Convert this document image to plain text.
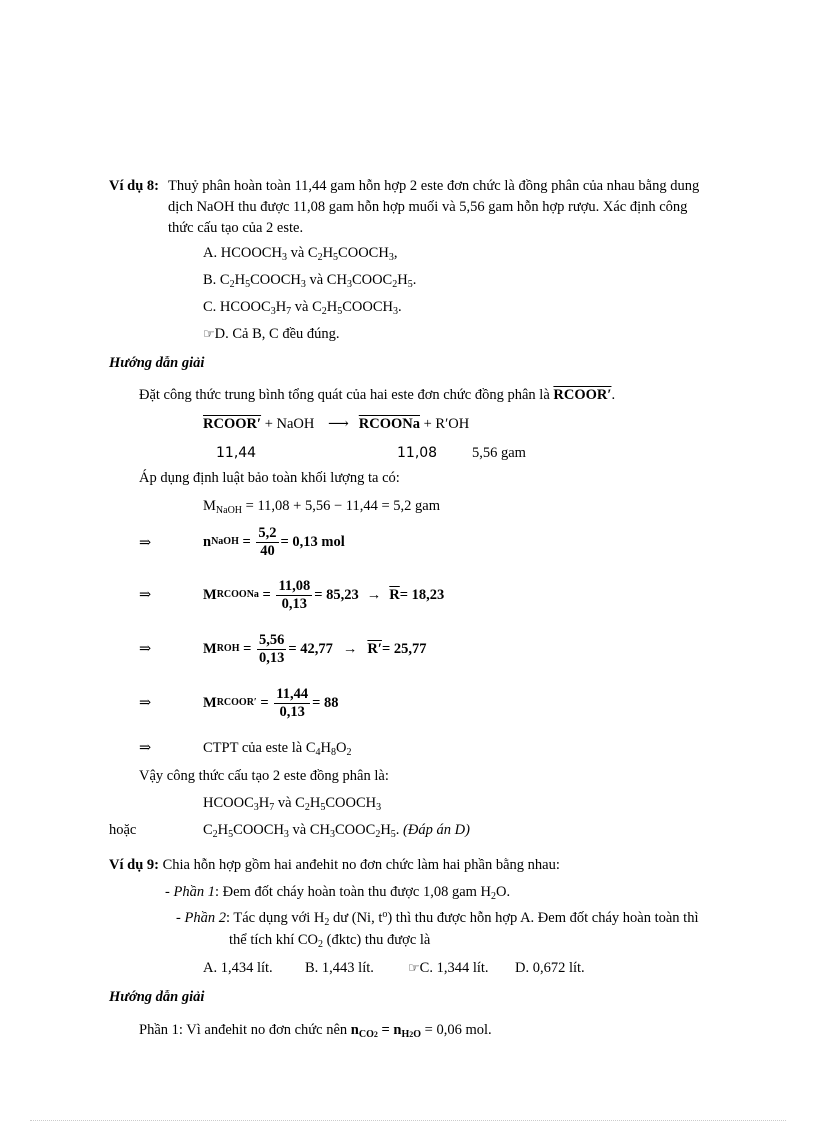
Ví dụ 8: Thuỷ phân hoàn toàn 11,44 gam hỗn hợp 2 este đơn chức là đồng phân của nhau bằng dung
dịch NaOH thu được 11,08 gam hỗn hợp muối và 5,56 gam hỗn hợp rượu. Xác định công
thức cấu tạo của 2 este.
A. $HCOOCH_3$ và $C_2H_5COOCH_3$,
B. $C_2H_5COOCH_3$ và $CH_3COOC_2H_5$.
C. $HCOOC_3H_7$ và $C_2H_5COOCH_3$.
☞D. Cả B, C đều đúng.
Hướng dẫn giải
Đặt công thức trung bình tổng quát của hai este đơn chức đồng phân là RCOOR′.
RCOOR′ + NaOH ⟶ RCOONa + R′OH
11,44	11,08 5,56 gam
Áp dụng định luật bảo toàn khối lượng ta có:
$M_{NaOH} = 11,08 + 5,56 - 11,44 = 5,2$ gam
⇒	n NaOH = $\frac{5,2}{40} = 0,13$ mol
⇒	M RCOONa = $\frac{11,08}{0,13} = 85,23 \to \overline{R} = 18,23$
⇒	M ROH = $\frac{5,56}{0,13} = 42,77 \to R' = 25,77$
⇒	M RCOOR′ = $\frac{11,44}{0,13} = 88$
⇒	CTPT của este là $C_4H_8O_2$
Vậy công thức cấu tạo 2 este đồng phân là:
$HCOOC_3H_7$ và $C_2H_5COOCH_3$
hoặc	$C_2H_5COOCH_3$ và $CH_3COOC_2H_5$. (Đáp án D)
Ví dụ 9: Chia hỗn hợp gồm hai anđehit no đơn chức làm hai phần bằng nhau:
- Phần 1: Đem đốt cháy hoàn toàn thu được 1,08 gam $H_2O$.
- Phần 2: Tác dụng với $H_2$ dư (Ni, $t^o$) thì thu được hỗn hợp A. Đem đốt cháy hoàn toàn thì
thể tích khí $CO_2$ (đktc) thu được là
A. 1,434 lít. B. 1,443 lít.	☞C. 1,344 lít. D. 0,672 lít.
Hướng dẫn giải
Phần 1: Vì anđehit no đơn chức nên $n_{CO2} = n_{H2O} = 0,06$ mol.
